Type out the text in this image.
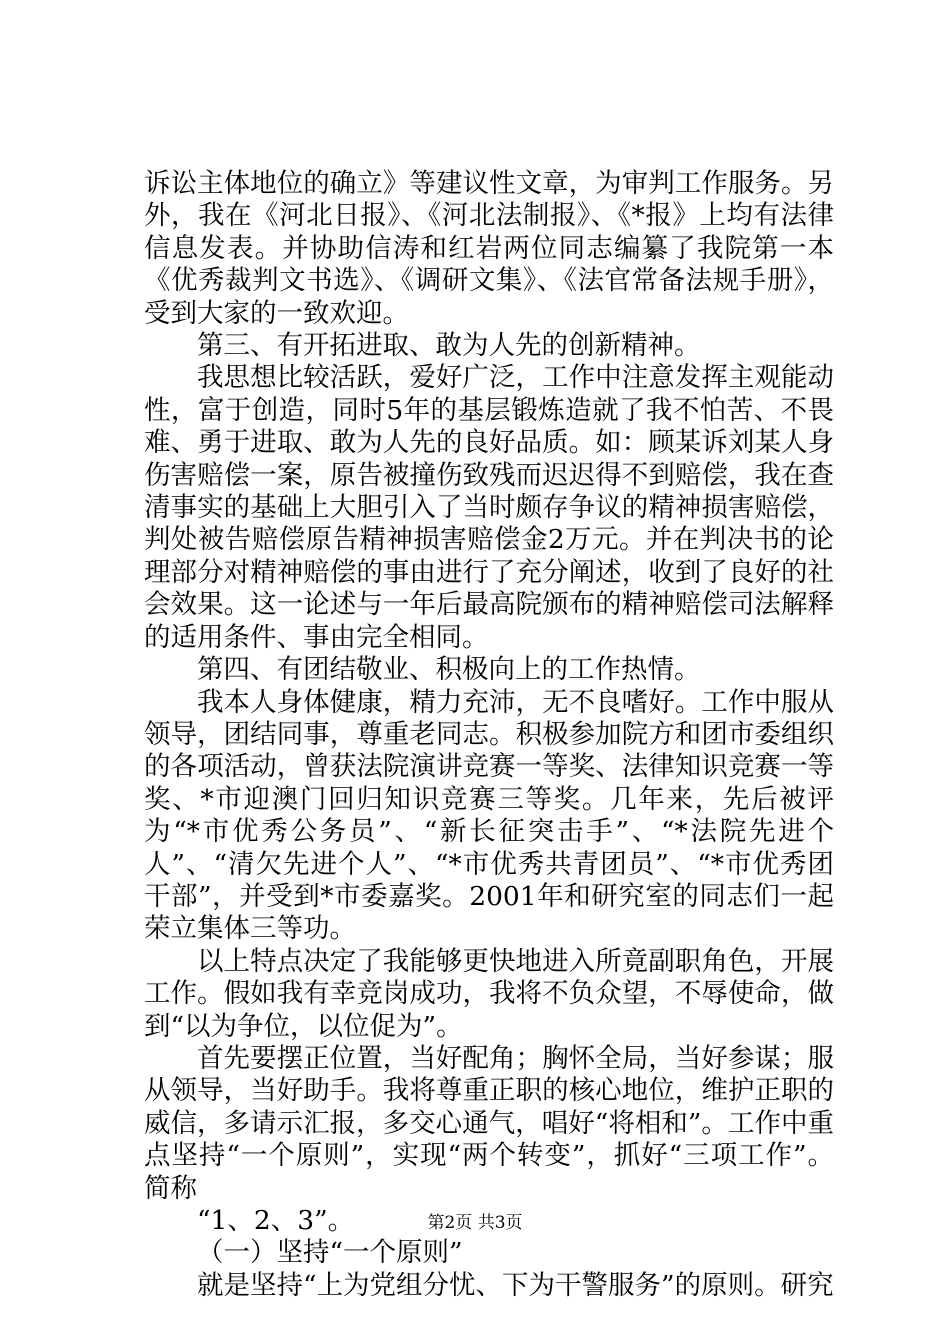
诉讼主体地位的确立》等建议性文章，为审判工作服务。另外，我在《河北日报》、《河北法制报》、《*报》上均有法律信息发表。并协助信涛和红岩两位同志编纂了我院第一本《优秀裁判文书选》、《调研文集》、《法官常备法规手册》，受到大家的一致欢迎。

第三、有开拓进取、敢为人先的创新精神。

我思想比较活跃，爱好广泛，工作中注意发挥主观能动性，富于创造，同时5年的基层锻炼造就了我不怕苦、不畏难、勇于进取、敢为人先的良好品质。如：顾某诉刘某人身伤害赔偿一案，原告被撞伤致残而迟迟得不到赔偿，我在查清事实的基础上大胆引入了当时颇存争议的精神损害赔偿，判处被告赔偿原告精神损害赔偿金2万元。并在判决书的论理部分对精神赔偿的事由进行了充分阐述，收到了良好的社会效果。这一论述与一年后最高院颁布的精神赔偿司法解释的适用条件、事由完全相同。

第四、有团结敬业、积极向上的工作热情。

我本人身体健康，精力充沛，无不良嗜好。工作中服从领导，团结同事，尊重老同志。积极参加院方和团市委组织的各项活动，曾获法院演讲竞赛一等奖、法律知识竞赛一等奖、*市迎澳门回归知识竞赛三等奖。几年来，先后被评为“*市优秀公务员”、“新长征突击手”、“*法院先进个人”、“清欠先进个人”、“*市优秀共青团员”、“*市优秀团干部”，并受到*市委嘉奖。2001年和研究室的同志们一起荣立集体三等功。

以上特点决定了我能够更快地进入所竟副职角色，开展工作。假如我有幸竞岗成功，我将不负众望，不辱使命，做到“以为争位，以位促为”。

首先要摆正位置，当好配角；胸怀全局，当好参谋；服从领导，当好助手。我将尊重正职的核心地位，维护正职的威信，多请示汇报，多交心通气，唱好“将相和”。工作中重点坚持“一个原则”，实现“两个转变”，抓好“三项工作”。简称

“1、2、3”。

（一）坚持“一个原则”

就是坚持“上为党组分忧、下为干警服务”的原则。研究

第2页 共3页
